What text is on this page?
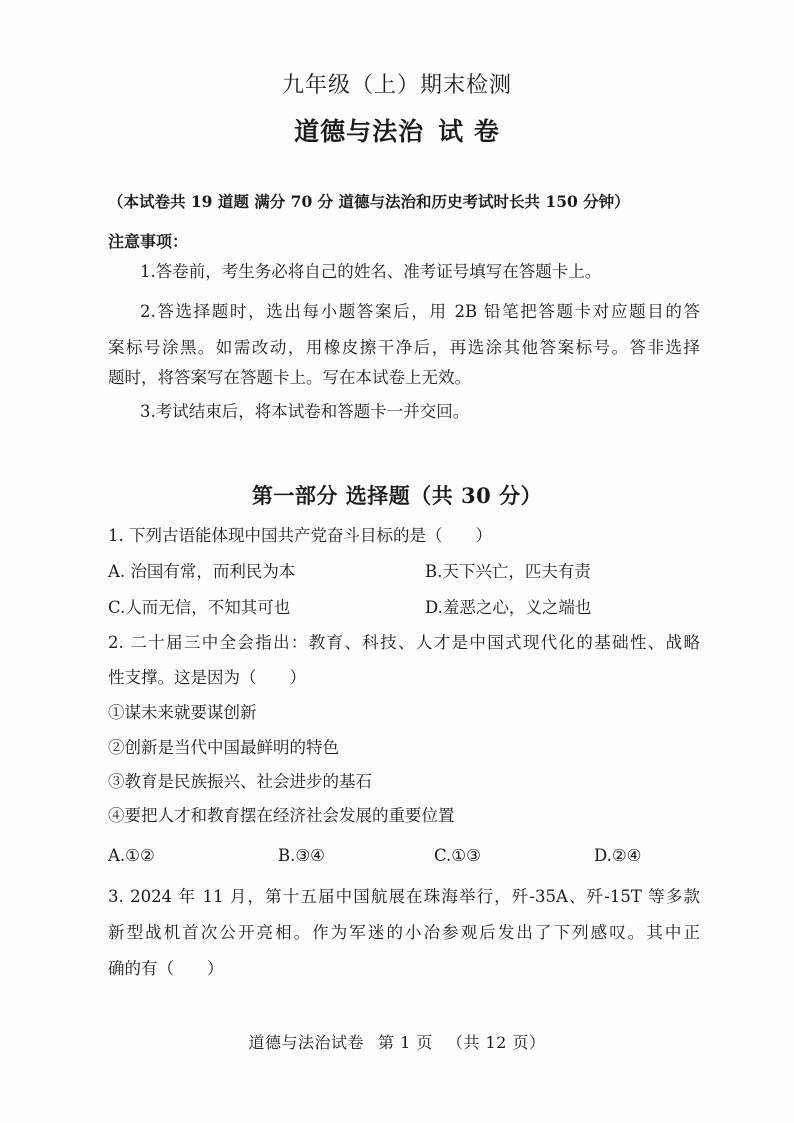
九年级（上）期末检测
道德与法治 试 卷
（本试卷共 19 道题 满分 70 分 道德与法治和历史考试时长共 150 分钟）
注意事项：
1.答卷前，考生务必将自己的姓名、准考证号填写在答题卡上。
2.答选择题时，选出每小题答案后，用 2B 铅笔把答题卡对应题目的答
案标号涂黑。如需改动，用橡皮擦干净后，再选涂其他答案标号。答非选择
题时，将答案写在答题卡上。写在本试卷上无效。
3.考试结束后，将本试卷和答题卡一并交回。
第一部分 选择题（共 30 分）
1. 下列古语能体现中国共产党奋斗目标的是（　　）
A. 治国有常，而利民为本	B.天下兴亡，匹夫有责
C.人而无信，不知其可也	D.羞恶之心，义之端也
2. 二十届三中全会指出：教育、科技、人才是中国式现代化的基础性、战略
性支撑。这是因为（　　）
①谋未来就要谋创新
②创新是当代中国最鲜明的特色
③教育是民族振兴、社会进步的基石
④要把人才和教育摆在经济社会发展的重要位置
A.①②	B.③④	C.①③	D.②④
3. 2024 年 11 月，第十五届中国航展在珠海举行，歼-35A、歼-15T 等多款
新型战机首次公开亮相。作为军迷的小冶参观后发出了下列感叹。其中正
确的有（　　）
道德与法治试卷 第 1 页 （共 12 页）
